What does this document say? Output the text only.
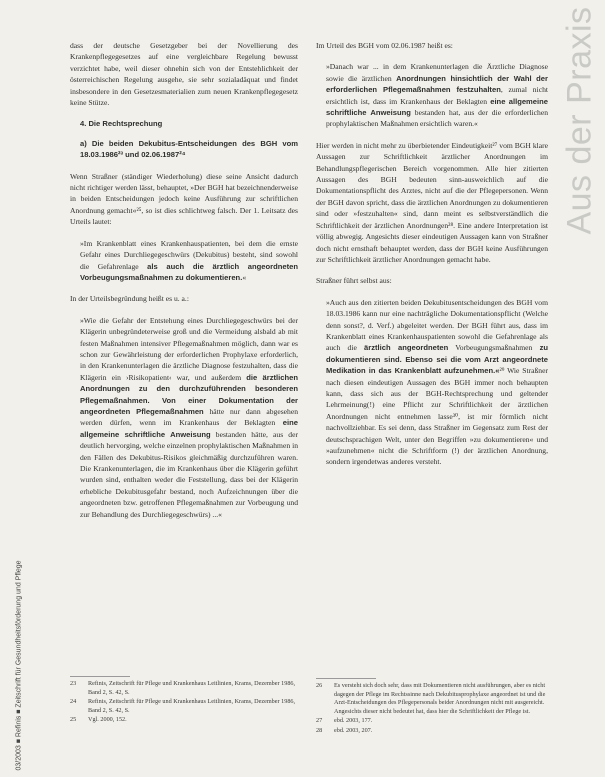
Aus der Praxis
03/2003 ■ Refinis ■ Zeitschrift für Gesundheitsförderung und Pflege

dass der deutsche Gesetzgeber bei der Novellierung des Krankenpflegegesetzes auf eine vergleichbare Regelung bewusst verzichtet habe, weil dieser ohnehin sich von der Entstehlichkeit der österreichischen Regelung ausgehe, sie sehr sozialadäquat und findet insbesondere in den Gesetzesmaterialien zum neuen Krankenpflegegesetz keine Stütze.

4. Die Rechtsprechung
a) Die beiden Dekubitus-Entscheidungen des BGH vom 18.03.1986²³ und 02.06.1987²⁴

Wenn Straßner (ständiger Wiederholung) diese seine Ansicht dadurch nicht richtiger werden lässt, behauptet, »Der BGH hat bezeichnenderweise in beiden Entscheidungen jedoch keine Ausführung zur schriftlichen Anordnung gemacht«²⁵, so ist dies schlichtweg falsch. Der 1. Leitsatz des Urteils lautet:

»Im Krankenblatt eines Krankenhauspatienten, bei dem die ernste Gefahr eines Durchliegegeschwürs (Dekubitus) besteht, sind sowohl die Gefahrenlage als auch die ärztlich angeordneten Vorbeugungsmaßnahmen zu dokumentieren.«

In der Urteilsbegründung heißt es u. a.:

»Wie die Gefahr der Entstehung eines Durchliegegeschwürs bei der Klägerin unbegründeterweise groß und die Vermeidung alsbald ab mit festen Maßnahmen intensiver Pflegemaßnahmen möglich, dann war es schon zur Gewährleistung der erforderlichen Prophylaxe erforderlich, in den Krankenunterlagen die ärztliche Diagnose festzuhalten, dass die Klägerin ein ›Risikopatient‹ war, und außerdem die ärztlichen Anordnungen zu den durchzuführenden besonderen Pflegemaßnahmen. Von einer Dokumentation der angeordneten Pflegemaßnahmen hätte nur dann abgesehen werden dürfen, wenn im Krankenhaus der Beklagten eine allgemeine schriftliche Anweisung bestanden hätte, aus der deutlich hervorging, welche einzelnen prophylaktischen Maßnahmen in den Fällen des Dekubitus-Risikos gleichmäßig durchzuführen waren. Die Krankenunterlagen, die im Krankenhaus über die Klägerin geführt wurden sind, enthalten weder die Feststellung, dass bei der Klägerin erhebliche Dekubitusgefahr bestand, noch Aufzeichnungen über die angeordneten bzw. getroffenen Pflegemaßnahmen zur Vorbeugung und zur Behandlung des Durchliegegeschwürs) ...«

Im Urteil des BGH vom 02.06.1987 heißt es:

»Danach war ... in dem Krankenunterlagen die Ärztliche Diagnose sowie die ärztlichen Anordnungen hinsichtlich der Wahl der erforderlichen Pflegemaßnahmen festzuhalten, zumal nicht ersichtlich ist, dass im Krankenhaus der Beklagten eine allgemeine schriftliche Anweisung bestanden hat, aus der die erforderlichen prophylaktischen Maßnahmen ersichtlich waren.«

Hier werden in nicht mehr zu überbietender Eindeutigkeit²⁷ vom BGH klare Aussagen zur Schriftlichkeit ärztlicher Anordnungen im Behandlungspflegerischen Bereich vorgenommen. Alle hier zitierten Aussagen des BGH bedeuten sinn-ausweichlich auf die Dokumentationspflicht des Arztes, nicht auf die der Pflegepersonen. Wenn der BGH davon spricht, dass die ärztlichen Anordnungen zu dokumentieren sind oder »festzuhalten« sind, dann meint es selbstverständlich die Schriftlichkeit der ärztlichen Anordnungen²⁸. Eine andere Interpretation ist völlig abwegig. Angesichts dieser eindeutigen Aussagen kann von Straßner doch nicht ernsthaft behauptet werden, dass der BGH keine Ausführungen zur Schriftlichkeit ärztlicher Anordnungen gemacht habe.

Straßner führt selbst aus:

»Auch aus den zitierten beiden Dekubitusentscheidungen des BGH vom 18.03.1986 kann nur eine nachträgliche Dokumentationspflicht (Welche denn sonst?, d. Verf.) abgeleitet werden. Der BGH führt aus, dass im Krankenblatt eines Krankenhauspatienten sowohl die Gefahrenlage als auch die ärztlich angeordneten Vorbeugungsmaßnahmen zu dokumentieren sind. Ebenso sei die vom Arzt angeordnete Medikation in das Krankenblatt aufzunehmen.«²⁹ Wie Straßner nach diesen eindeutigen Aussagen des BGH immer noch behaupten kann, dass sich aus der BGH-Rechtsprechung und geltender Lehrmeinung(!) eine Pflicht zur Schriftlichkeit der ärztlichen Anordnungen nicht entnehmen lasse³⁰, ist mir förmlich nicht nachvollziehbar. Es sei denn, dass Straßner im Gegensatz zum Rest der deutschsprachigen Welt, unter den Begriffen »zu dokumentieren« und »aufzunehmen« nicht die Schriftform (!) der ärztlichen Anordnung, sondern irgendetwas anderes versteht.

23	Refinis, Zeitschrift für Pflege und Krankenhaus Leitlinien, Krams, Dezember 1986, Band 2, S. 42, S.
24	Refinis, Zeitschrift für Pflege und Krankenhaus Leitlinien, Krams, Dezember 1986, Band 2, S. 42, S.
25	Vgl. 2000, 152.
26	Es versteht sich doch sehr, dass mit Dokumentieren nicht ausführungen, aber es nicht dagegen der Pflege im Rechtssinne nach Dekubitusprophylaxe angeordnet ist und die Arzt-Entscheidungen des Pflegepersonals beider Anordnungen nicht mit ausgereicht. Angesichts dieser nicht bedeutet hat, dass hier die Schriftlichkeit der Pflege ist.
27	ebd. 2003, 177.
28	ebd. 2003, 207.
